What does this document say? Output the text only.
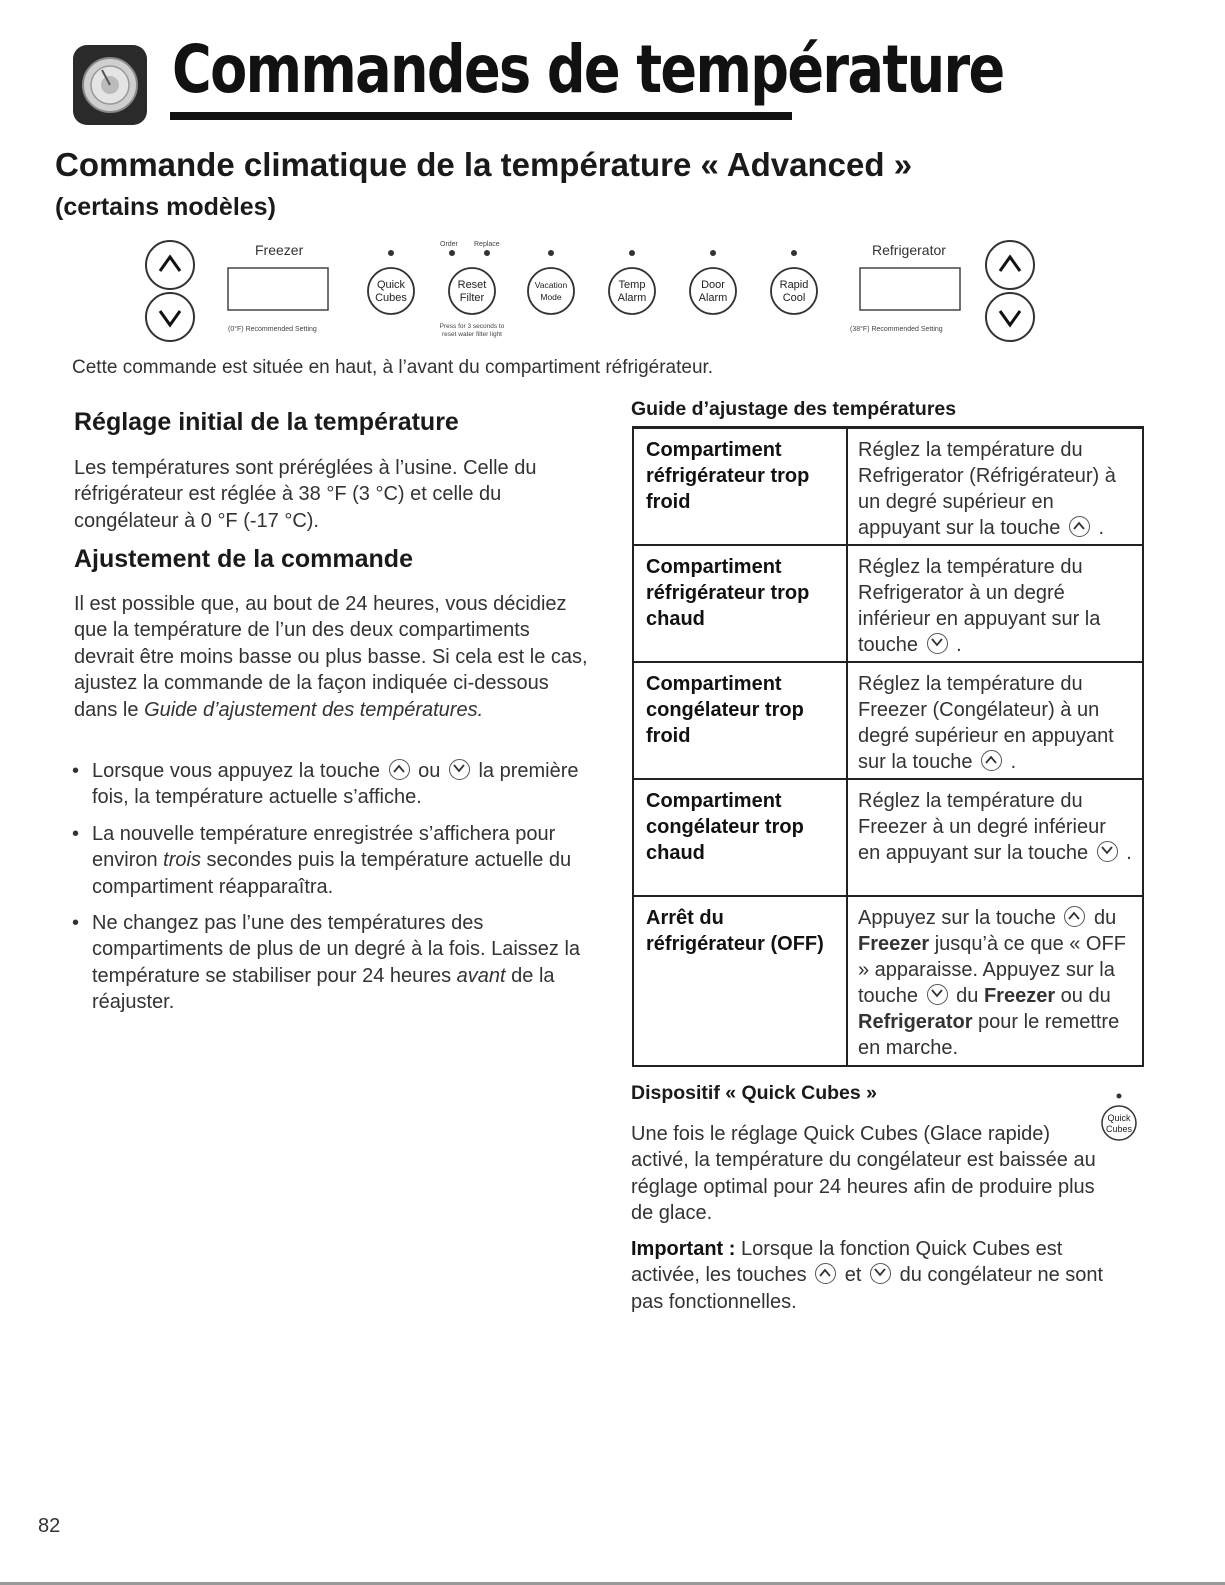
Commandes de température
Commande climatique de la température « Advanced »
(certains modèles)
Freezer
(0°F) Recommended Setting
Order Replace
Quick
Cubes
Reset
Filter
Vacation
Mode
Temp
Alarm
Door
Alarm
Rapid
Cool
Press for 3 seconds to
reset water filter light
Refrigerator
(38°F) Recommended Setting
Cette commande est située en haut, à l’avant du compartiment réfrigérateur.
Réglage initial de la température
Les températures sont préréglées à l’usine. Celle du réfrigérateur est réglée à 38 °F (3 °C) et celle du congélateur à 0 °F (-17 °C).
Ajustement de la commande
Il est possible que, au bout de 24 heures, vous décidiez que la température de l’un des deux compartiments devrait être moins basse ou plus basse. Si cela est le cas, ajustez la commande de la façon indiquée ci-dessous dans le Guide d’ajustement des températures.
• Lorsque vous appuyez la touche
ou
la première fois, la température actuelle s’affiche.
• La nouvelle température enregistrée s’affichera pour environ trois secondes puis la température actuelle du compartiment réapparaîtra.
• Ne changez pas l’une des températures des compartiments de plus de un degré à la fois. Laissez la température se stabiliser pour 24 heures avant de la réajuster.
Guide d’ajustage des températures
Compartiment réfrigérateur trop froid	Réglez la température du Refrigerator (Réfrigérateur) à un degré supérieur en appuyant sur la touche
.
Compartiment réfrigérateur trop chaud	Réglez la température du Refrigerator à un degré inférieur en appuyant sur la touche
.
Compartiment congélateur trop froid	Réglez la température du Freezer (Congélateur) à un degré supérieur en appuyant sur la touche
.
Compartiment congélateur trop chaud	Réglez la température du Freezer à un degré inférieur en appuyant sur la touche
.
Arrêt du réfrigérateur (OFF)	Appuyez sur la touche
du Freezer jusqu’à ce que « OFF » apparaisse. Appuyez sur la touche
du Freezer ou du Refrigerator pour le remettre en marche.
Dispositif « Quick Cubes »
Quick
Cubes
Une fois le réglage Quick Cubes (Glace rapide) activé, la température du congélateur est baissée au réglage optimal pour 24 heures afin de produire plus de glace.
Important : Lorsque la fonction Quick Cubes est activée, les touches
et
du congélateur ne sont pas fonctionnelles.
82
